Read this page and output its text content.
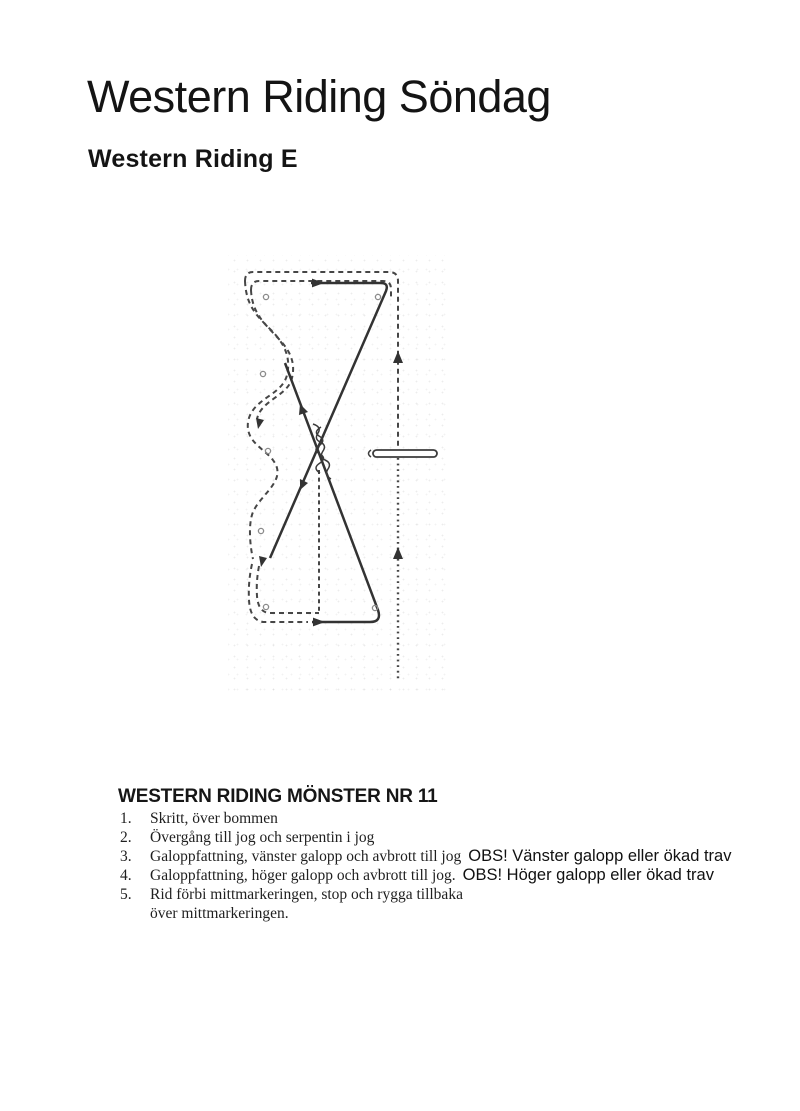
Western Riding Söndag
Western Riding E
WESTERN RIDING MÖNSTER NR 11
1.	Skritt, över bommen
2.	Övergång till jog och serpentin i jog
3.	Galoppfattning, vänster galopp och avbrott till jog OBS! Vänster galopp eller ökad trav
4.	Galoppfattning, höger galopp och avbrott till jog. OBS! Höger galopp eller ökad trav
5.	Rid förbi mittmarkeringen, stop och rygga tillbaka
över mittmarkeringen.
